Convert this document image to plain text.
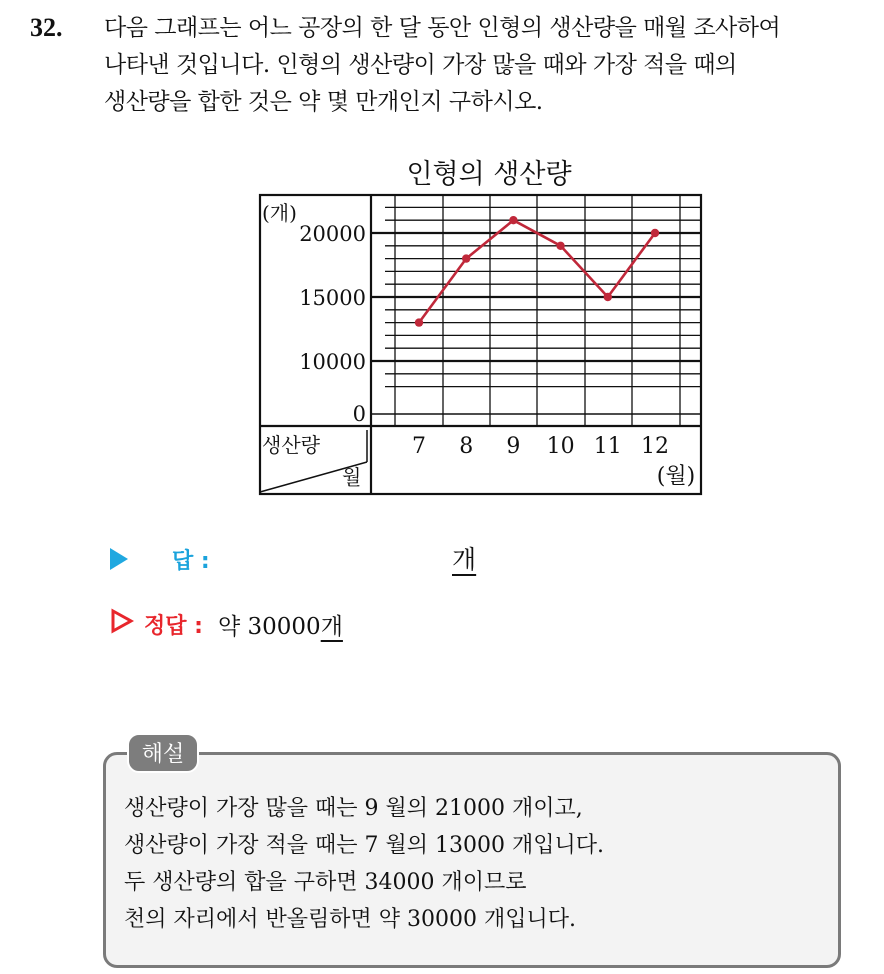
32.	다음 그래프는 어느 공장의 한 달 동안 인형의 생산량을 매월 조사하여
나타낸 것입니다. 인형의 생산량이 가장 많을 때와 가장 적을 때의
생산량을 합한 것은 약 몇 만개인지 구하시오.
인형의 생산량
(개)
0
10000
15000
20000
7 8 9 10 11 12
(월)
생산량
월
답 :	개
정답 : 약 30000개
해설
생산량이 가장 많을 때는 9 월의 21000 개이고,
생산량이 가장 적을 때는 7 월의 13000 개입니다.
두 생산량의 합을 구하면 34000 개이므로
천의 자리에서 반올림하면 약 30000 개입니다.
